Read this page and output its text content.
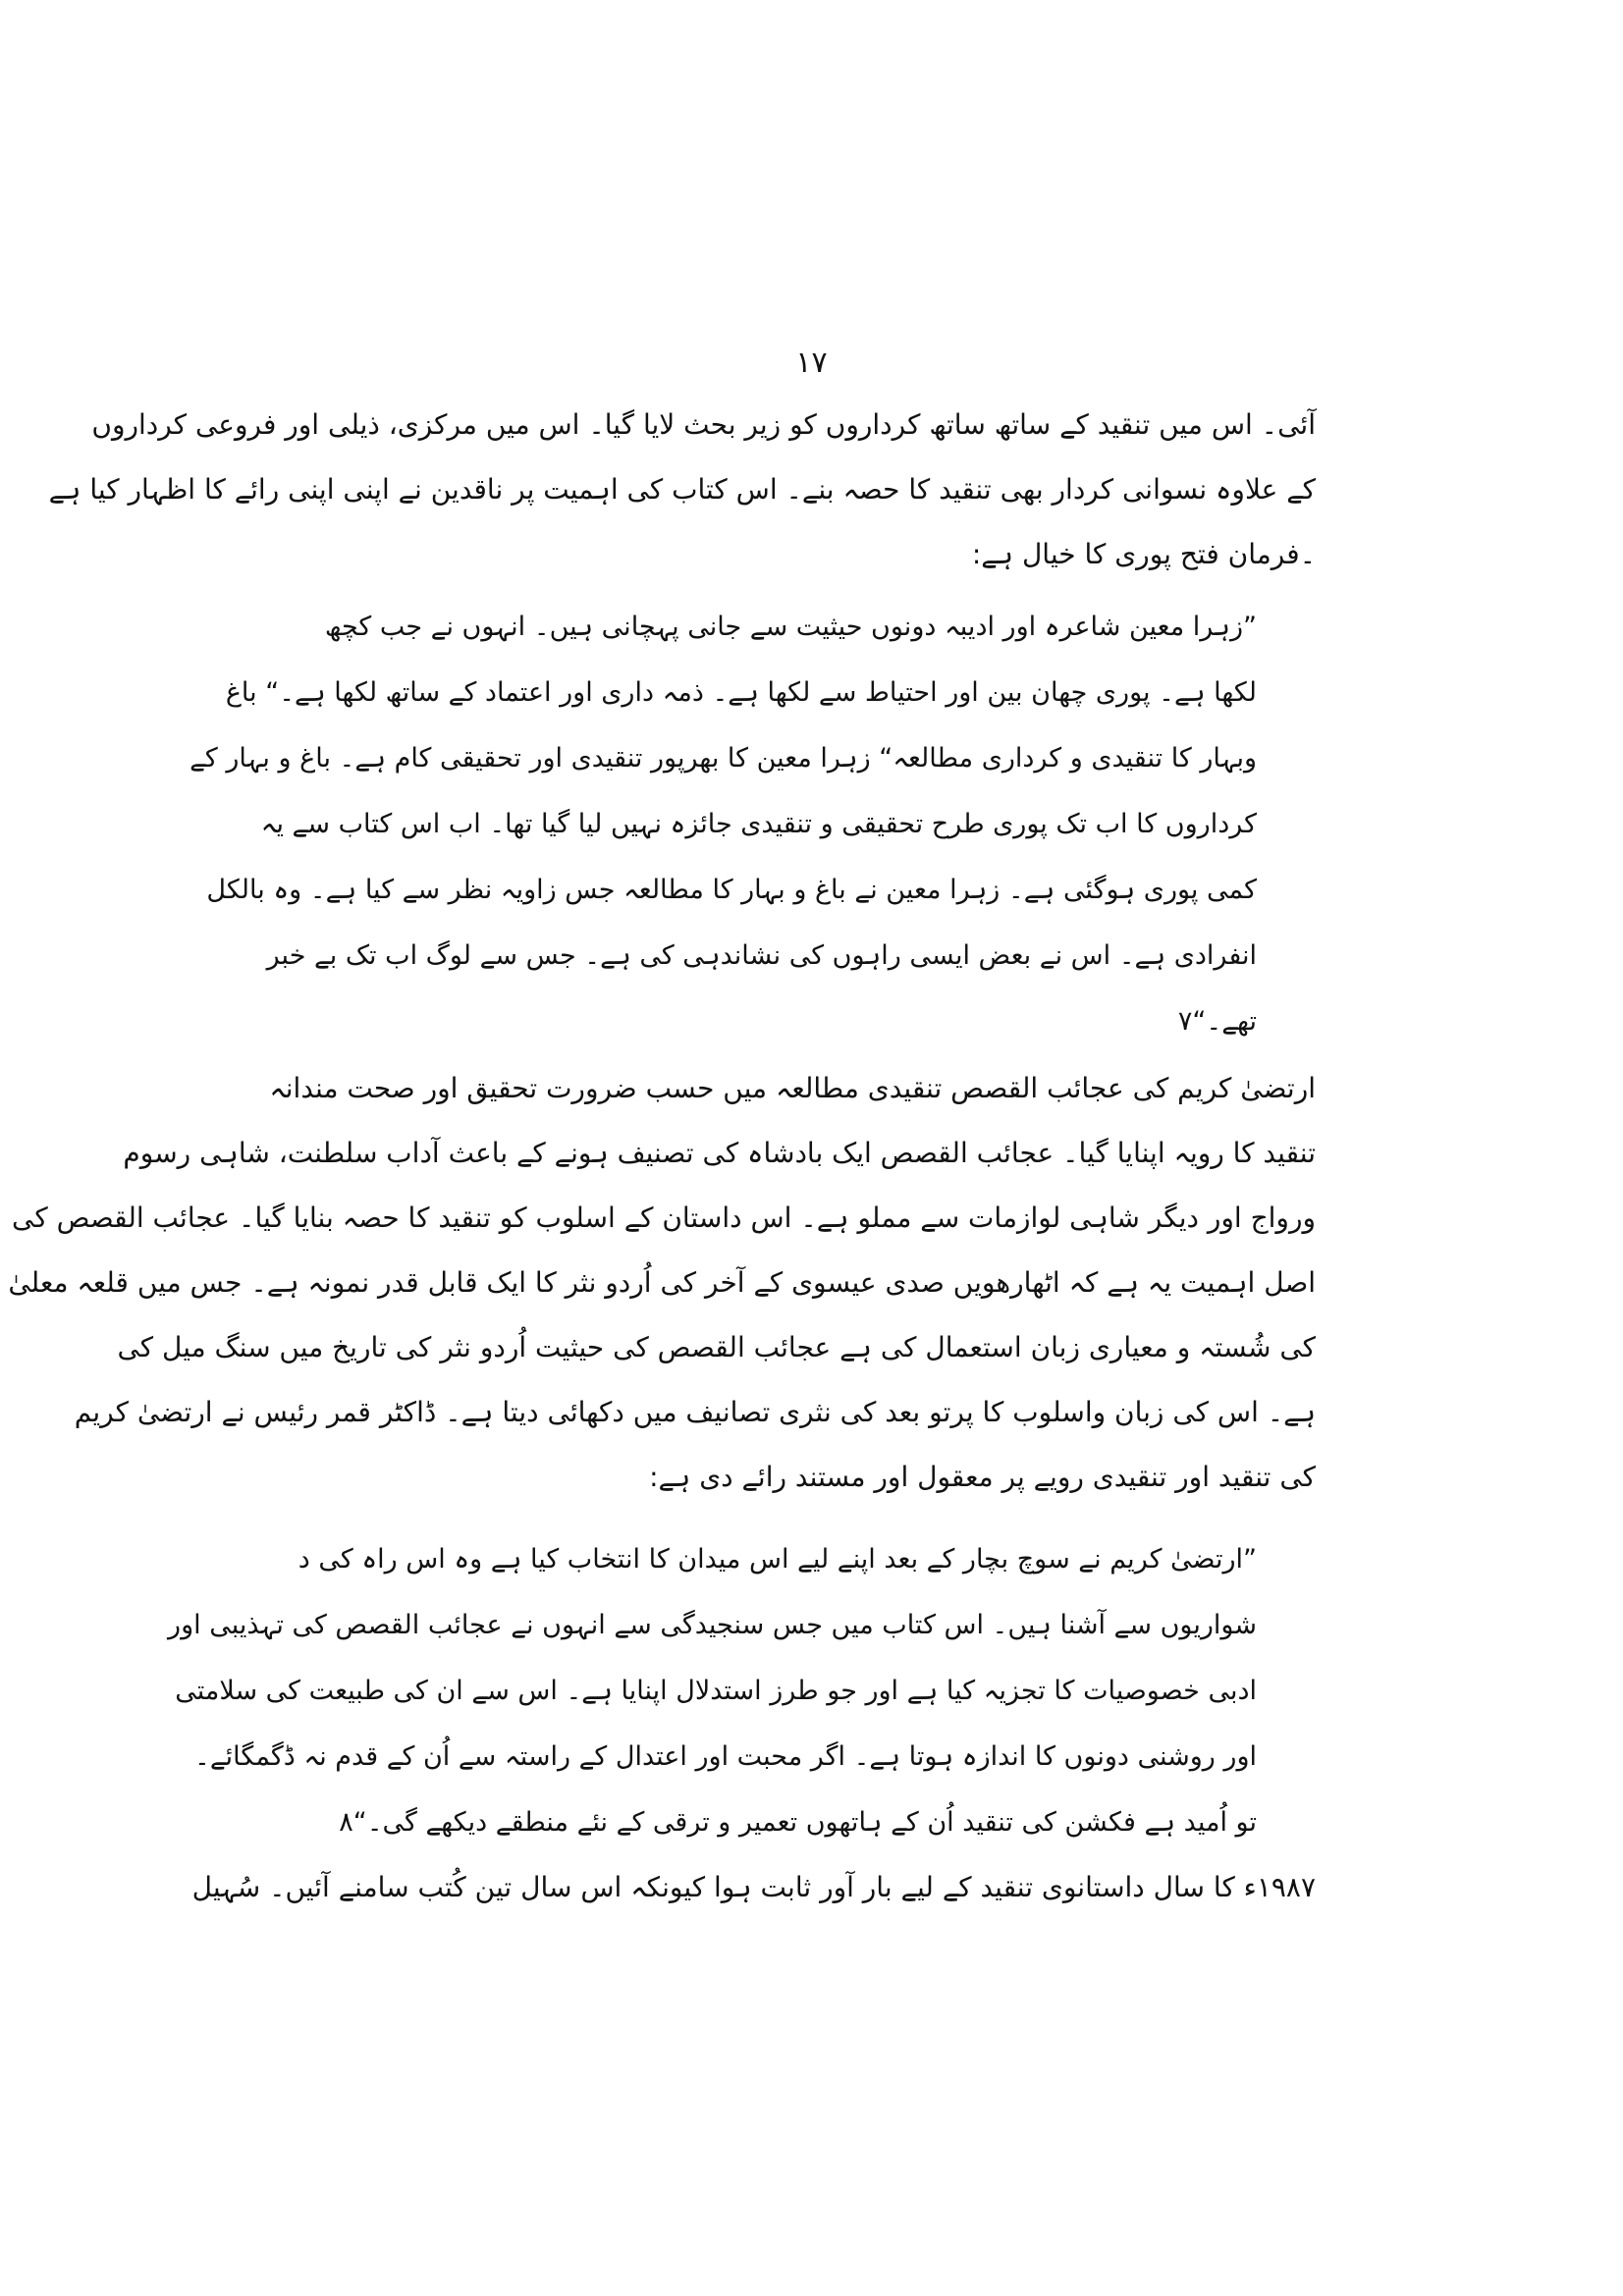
۱۷
آئی۔ اس میں تنقید کے ساتھ ساتھ کرداروں کو زیر بحث لایا گیا۔ اس میں مرکزی، ذیلی اور فروعی کرداروں
کے علاوہ نسوانی کردار بھی تنقید کا حصہ بنے۔ اس کتاب کی اہمیت پر ناقدین نے اپنی اپنی رائے کا اظہار کیا ہے
۔فرمان فتح پوری کا خیال ہے:
”زہرا معین شاعرہ اور ادیبہ دونوں حیثیت سے جانی پہچانی ہیں۔ انہوں نے جب کچھ
لکھا ہے۔ پوری چھان بین اور احتیاط سے لکھا ہے۔ ذمہ داری اور اعتماد کے ساتھ لکھا ہے۔“ باغ
وبہار کا تنقیدی و کرداری مطالعہ“ زہرا معین کا بھرپور تنقیدی اور تحقیقی کام ہے۔ باغ و بہار کے
کرداروں کا اب تک پوری طرح تحقیقی و تنقیدی جائزہ نہیں لیا گیا تھا۔ اب اس کتاب سے یہ
کمی پوری ہوگئی ہے۔ زہرا معین نے باغ و بہار کا مطالعہ جس زاویہ نظر سے کیا ہے۔ وہ بالکل
انفرادی ہے۔ اس نے بعض ایسی راہوں کی نشاندہی کی ہے۔ جس سے لوگ اب تک بے خبر
تھے۔“۷
ارتضیٰ کریم کی عجائب القصص تنقیدی مطالعہ میں حسب ضرورت تحقیق اور صحت مندانہ
تنقید کا رویہ اپنایا گیا۔ عجائب القصص ایک بادشاہ کی تصنیف ہونے کے باعث آداب سلطنت، شاہی رسوم
ورواج اور دیگر شاہی لوازمات سے مملو ہے۔ اس داستان کے اسلوب کو تنقید کا حصہ بنایا گیا۔ عجائب القصص کی
اصل اہمیت یہ ہے کہ اٹھارھویں صدی عیسوی کے آخر کی اُردو نثر کا ایک قابل قدر نمونہ ہے۔ جس میں قلعہ معلیٰ
کی شُستہ و معیاری زبان استعمال کی ہے عجائب القصص کی حیثیت اُردو نثر کی تاریخ میں سنگ میل کی
ہے۔ اس کی زبان واسلوب کا پرتو بعد کی نثری تصانیف میں دکھائی دیتا ہے۔ ڈاکٹر قمر رئیس نے ارتضیٰ کریم
کی تنقید اور تنقیدی رویے پر معقول اور مستند رائے دی ہے:
”ارتضیٰ کریم نے سوچ بچار کے بعد اپنے لیے اس میدان کا انتخاب کیا ہے وہ اس راہ کی د
شواریوں سے آشنا ہیں۔ اس کتاب میں جس سنجیدگی سے انہوں نے عجائب القصص کی تہذیبی اور
ادبی خصوصیات کا تجزیہ کیا ہے اور جو طرز استدلال اپنایا ہے۔ اس سے ان کی طبیعت کی سلامتی
اور روشنی دونوں کا اندازہ ہوتا ہے۔ اگر محبت اور اعتدال کے راستہ سے اُن کے قدم نہ ڈگمگائے۔
تو اُمید ہے فکشن کی تنقید اُن کے ہاتھوں تعمیر و ترقی کے نئے منطقے دیکھے گی۔“۸
۱۹۸۷ء کا سال داستانوی تنقید کے لیے بار آور ثابت ہوا کیونکہ اس سال تین کُتب سامنے آئیں۔ سُہیل
